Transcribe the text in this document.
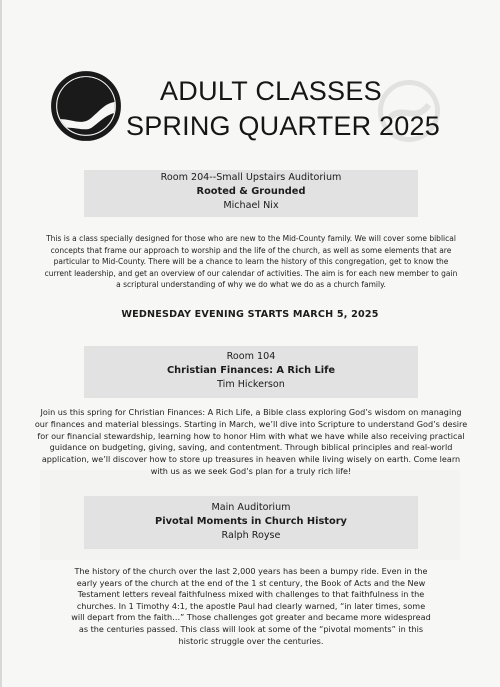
ADULT CLASSES
SPRING QUARTER 2025
Room 204--Small Upstairs Auditorium
Rooted & Grounded
Michael Nix
This is a class specially designed for those who are new to the Mid-County family. We will cover some biblical concepts that frame our approach to worship and the life of the church, as well as some elements that are particular to Mid-County. There will be a chance to learn the history of this congregation, get to know the current leadership, and get an overview of our calendar of activities. The aim is for each new member to gain a scriptural understanding of why we do what we do as a church family.
WEDNESDAY EVENING STARTS MARCH 5, 2025
Room 104
Christian Finances: A Rich Life
Tim Hickerson
Join us this spring for Christian Finances: A Rich Life, a Bible class exploring God’s wisdom on managing our finances and material blessings. Starting in March, we’ll dive into Scripture to understand God’s desire for our financial stewardship, learning how to honor Him with what we have while also receiving practical guidance on budgeting, giving, saving, and contentment. Through biblical principles and real-world application, we’ll discover how to store up treasures in heaven while living wisely on earth. Come learn with us as we seek God’s plan for a truly rich life!
Main Auditorium
Pivotal Moments in Church History
Ralph Royse
The history of the church over the last 2,000 years has been a bumpy ride. Even in the early years of the church at the end of the 1 st century, the Book of Acts and the New Testament letters reveal faithfulness mixed with challenges to that faithfulness in the churches. In 1 Timothy 4:1, the apostle Paul had clearly warned, “in later times, some will depart from the faith…” Those challenges got greater and became more widespread as the centuries passed. This class will look at some of the “pivotal moments” in this historic struggle over the centuries.
